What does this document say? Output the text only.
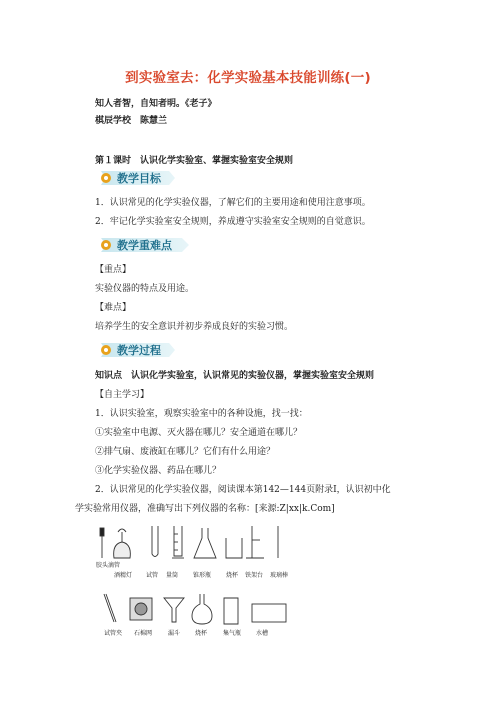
到实验室去：化学实验基本技能训练(一)
知人者智，自知者明。《老子》
棋辰学校　陈慧兰
第１课时　认识化学实验室、掌握实验室安全规则
教学目标
1．认识常见的化学实验仪器，了解它们的主要用途和使用注意事项。
2．牢记化学实验室安全规则，养成遵守实验室安全规则的自觉意识。
教学重难点
【重点】
实验仪器的特点及用途。
【难点】
培养学生的安全意识并初步养成良好的实验习惯。
教学过程
知识点　认识化学实验室，认识常见的实验仪器，掌握实验室安全规则
【自主学习】
1．认识实验室，观察实验室中的各种设施，找一找：
①实验室中电源、灭火器在哪儿？安全通道在哪儿？
②排气扇、废液缸在哪儿？它们有什么用途？
③化学实验仪器、药品在哪儿？
2．认识常见的化学实验仪器，阅读课本第142—144页附录Ⅰ，认识初中化
学实验常用仪器，准确写出下列仪器的名称：[来源:Z|xx|k.Com]
胶头滴管
酒精灯 试管 量筒 锥形瓶 烧杯 铁架台 玻璃棒
试管夹 石棉网	漏斗 烧杯	集气瓶 水槽
